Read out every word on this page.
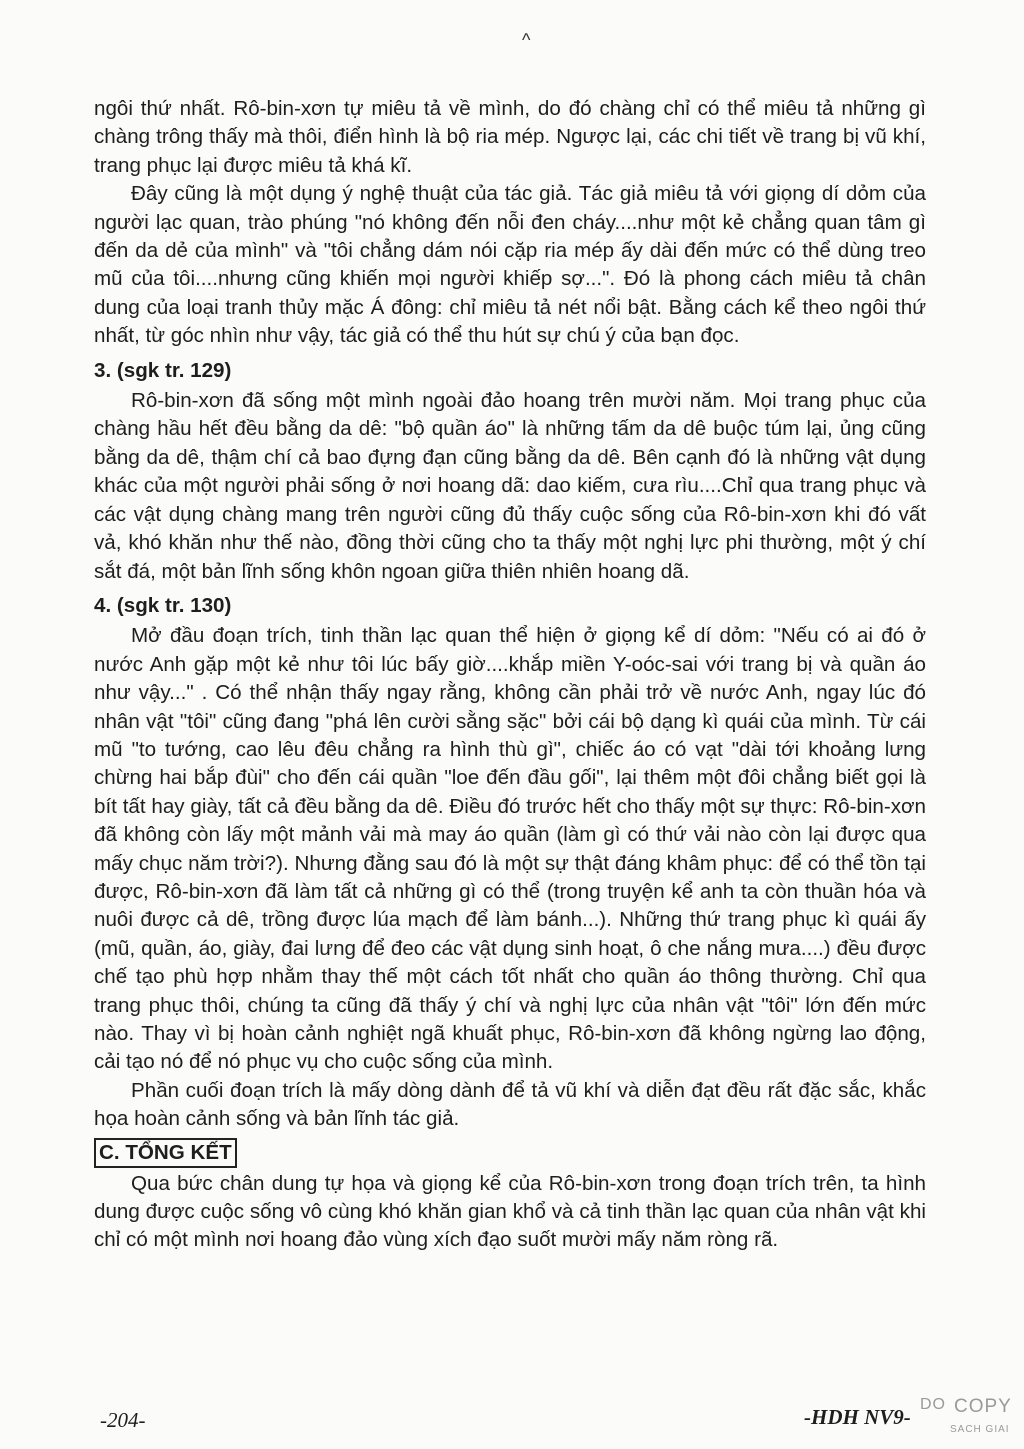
^

ngôi thứ nhất. Rô-bin-xơn tự miêu tả về mình, do đó chàng chỉ có thể miêu tả những gì chàng trông thấy mà thôi, điển hình là bộ ria mép. Ngược lại, các chi tiết về trang bị vũ khí, trang phục lại được miêu tả khá kĩ.

Đây cũng là một dụng ý nghệ thuật của tác giả. Tác giả miêu tả với giọng dí dỏm của người lạc quan, trào phúng "nó không đến nỗi đen cháy....như một kẻ chẳng quan tâm gì đến da dẻ của mình" và "tôi chẳng dám nói cặp ria mép ấy dài đến mức có thể dùng treo mũ của tôi....nhưng cũng khiến mọi người khiếp sợ...". Đó là phong cách miêu tả chân dung của loại tranh thủy mặc Á đông: chỉ miêu tả nét nổi bật. Bằng cách kể theo ngôi thứ nhất, từ góc nhìn như vậy, tác giả có thể thu hút sự chú ý của bạn đọc.

3. (sgk tr. 129)

Rô-bin-xơn đã sống một mình ngoài đảo hoang trên mười năm. Mọi trang phục của chàng hầu hết đều bằng da dê: "bộ quần áo" là những tấm da dê buộc túm lại, ủng cũng bằng da dê, thậm chí cả bao đựng đạn cũng bằng da dê. Bên cạnh đó là những vật dụng khác của một người phải sống ở nơi hoang dã: dao kiếm, cưa rìu....Chỉ qua trang phục và các vật dụng chàng mang trên người cũng đủ thấy cuộc sống của Rô-bin-xơn khi đó vất vả, khó khăn như thế nào, đồng thời cũng cho ta thấy một nghị lực phi thường, một ý chí sắt đá, một bản lĩnh sống khôn ngoan giữa thiên nhiên hoang dã.

4. (sgk tr. 130)

Mở đầu đoạn trích, tinh thần lạc quan thể hiện ở giọng kể dí dỏm: "Nếu có ai đó ở nước Anh gặp một kẻ như tôi lúc bấy giờ....khắp miền Y-oóc-sai với trang bị và quần áo như vậy..." . Có thể nhận thấy ngay rằng, không cần phải trở về nước Anh, ngay lúc đó nhân vật "tôi" cũng đang "phá lên cười sằng sặc" bởi cái bộ dạng kì quái của mình. Từ cái mũ "to tướng, cao lêu đêu chẳng ra hình thù gì", chiếc áo có vạt "dài tới khoảng lưng chừng hai bắp đùi" cho đến cái quần "loe đến đầu gối", lại thêm một đôi chẳng biết gọi là bít tất hay giày, tất cả đều bằng da dê. Điều đó trước hết cho thấy một sự thực: Rô-bin-xơn đã không còn lấy một mảnh vải mà may áo quần (làm gì có thứ vải nào còn lại được qua mấy chục năm trời?). Nhưng đằng sau đó là một sự thật đáng khâm phục: để có thể tồn tại được, Rô-bin-xơn đã làm tất cả những gì có thể (trong truyện kể anh ta còn thuần hóa và nuôi được cả dê, trồng được lúa mạch để làm bánh...). Những thứ trang phục kì quái ấy (mũ, quần, áo, giày, đai lưng để đeo các vật dụng sinh hoạt, ô che nắng mưa....) đều được chế tạo phù hợp nhằm thay thế một cách tốt nhất cho quần áo thông thường. Chỉ qua trang phục thôi, chúng ta cũng đã thấy ý chí và nghị lực của nhân vật "tôi" lớn đến mức nào. Thay vì bị hoàn cảnh nghiệt ngã khuất phục, Rô-bin-xơn đã không ngừng lao động, cải tạo nó để nó phục vụ cho cuộc sống của mình.

Phần cuối đoạn trích là mấy dòng dành để tả vũ khí và diễn đạt đều rất đặc sắc, khắc họa hoàn cảnh sống và bản lĩnh tác giả.

C. TỔNG KẾT

Qua bức chân dung tự họa và giọng kể của Rô-bin-xơn trong đoạn trích trên, ta hình dung được cuộc sống vô cùng khó khăn gian khổ và cả tinh thần lạc quan của nhân vật khi chỉ có một mình nơi hoang đảo vùng xích đạo suốt mười mấy năm ròng rã.

-204-	-HDH NV9-
DO COPY
SACH GIAI
